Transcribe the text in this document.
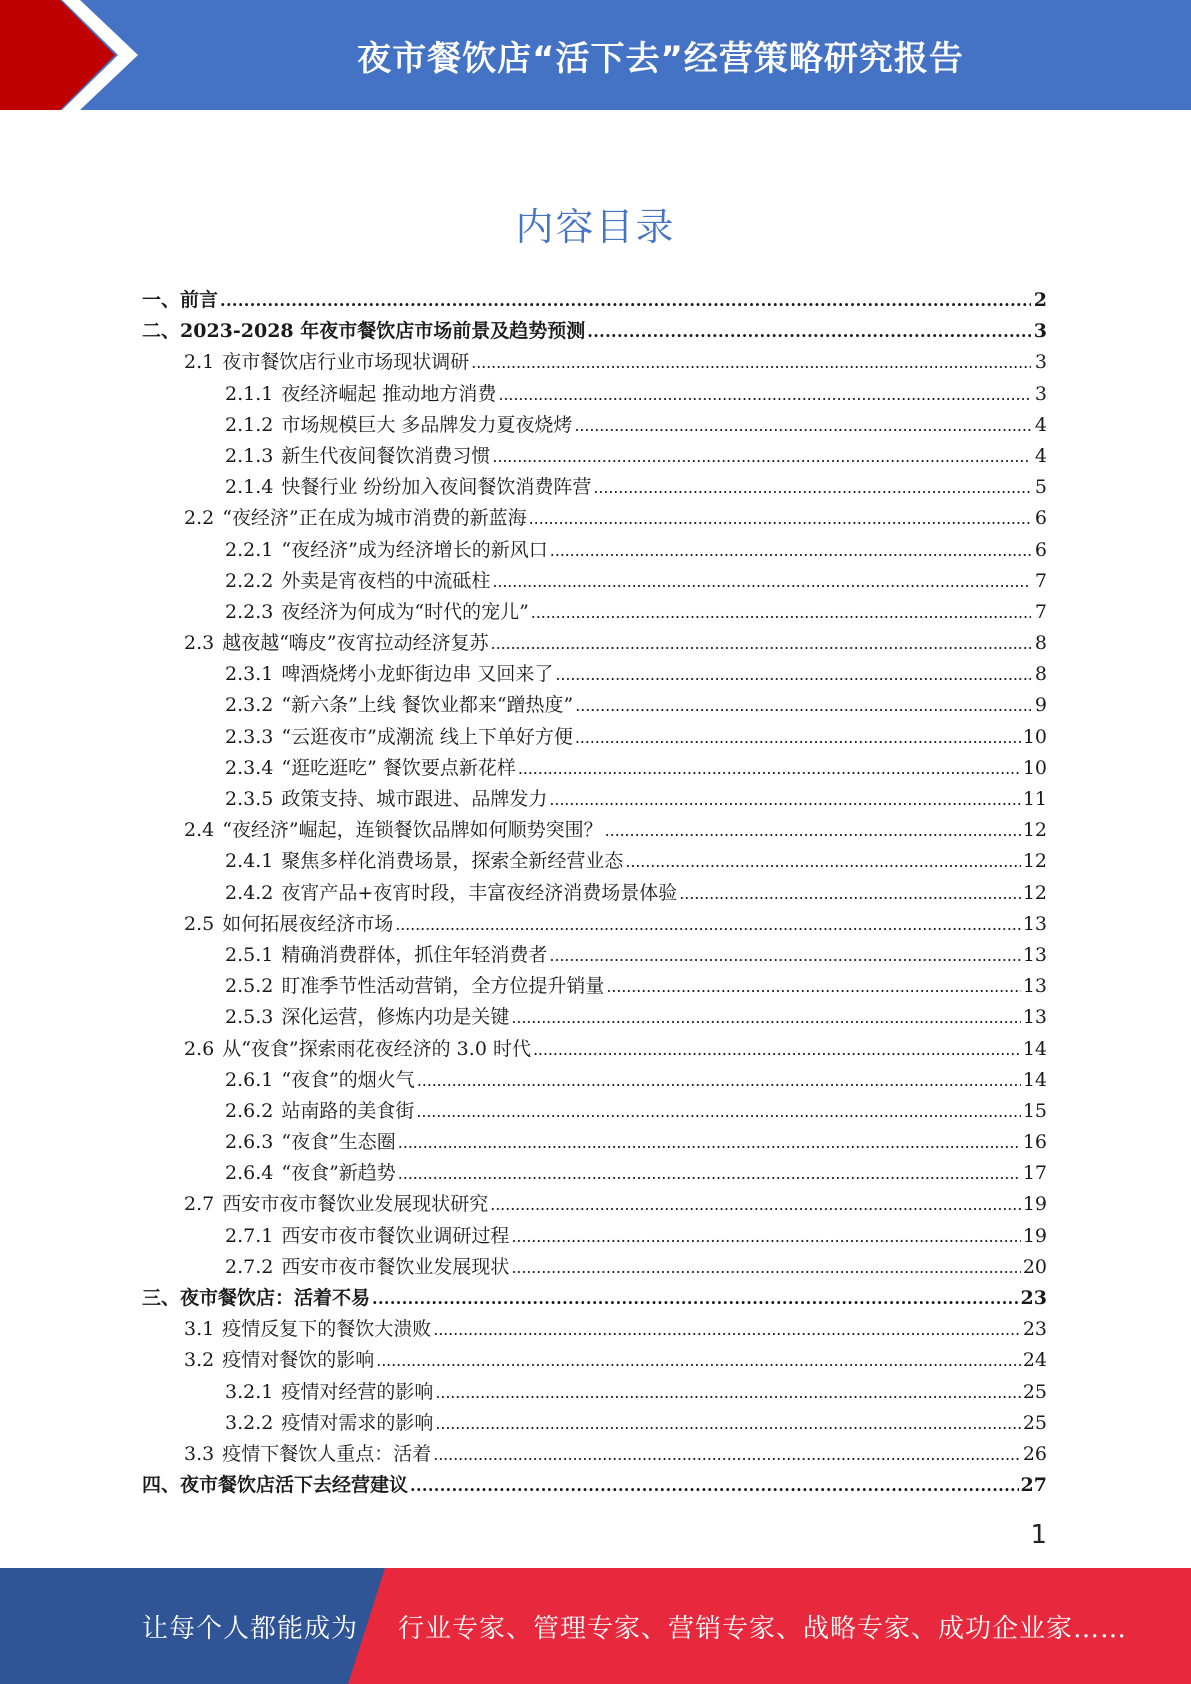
夜市餐饮店“活下去”经营策略研究报告
内容目录
一、前言 . . .	2
二、2023-2028 年夜市餐饮店市场前景及趋势预测 . . .	3
2.1 夜市餐饮店行业市场现状调研 . . .	3
2.1.1 夜经济崛起 推动地方消费 . . .	3
2.1.2 市场规模巨大 多品牌发力夏夜烧烤 . . .	4
2.1.3 新生代夜间餐饮消费习惯 . . .	4
2.1.4 快餐行业 纷纷加入夜间餐饮消费阵营 . . .	5
2.2 “夜经济”正在成为城市消费的新蓝海 . . .	6
2.2.1 “夜经济”成为经济增长的新风口 . . .	6
2.2.2 外卖是宵夜档的中流砥柱 . . .	7
2.2.3 夜经济为何成为“时代的宠儿” . . .	7
2.3 越夜越“嗨皮”夜宵拉动经济复苏 . . .	8
2.3.1 啤酒烧烤小龙虾街边串 又回来了 . . .	8
2.3.2 “新六条”上线 餐饮业都来“蹭热度” . . .	9
2.3.3 “云逛夜市”成潮流 线上下单好方便 . . .	10
2.3.4 “逛吃逛吃” 餐饮要点新花样 . . .	10
2.3.5 政策支持、城市跟进、品牌发力 . . .	11
2.4 “夜经济”崛起，连锁餐饮品牌如何顺势突围？ . . .	12
2.4.1 聚焦多样化消费场景，探索全新经营业态 . . .	12
2.4.2 夜宵产品+夜宵时段，丰富夜经济消费场景体验 . . .	12
2.5 如何拓展夜经济市场 . . .	13
2.5.1 精确消费群体，抓住年轻消费者 . . .	13
2.5.2 盯准季节性活动营销，全方位提升销量 . . .	13
2.5.3 深化运营，修炼内功是关键 . . .	13
2.6 从“夜食”探索雨花夜经济的 3.0 时代 . . .	14
2.6.1 “夜食”的烟火气 . . .	14
2.6.2 站南路的美食街 . . .	15
2.6.3 “夜食”生态圈 . . .	16
2.6.4 “夜食”新趋势 . . .	17
2.7 西安市夜市餐饮业发展现状研究 . . .	19
2.7.1 西安市夜市餐饮业调研过程 . . .	19
2.7.2 西安市夜市餐饮业发展现状 . . .	20
三、夜市餐饮店：活着不易 . . .	23
3.1 疫情反复下的餐饮大溃败 . . .	23
3.2 疫情对餐饮的影响 . . .	24
3.2.1 疫情对经营的影响 . . .	25
3.2.2 疫情对需求的影响 . . .	25
3.3 疫情下餐饮人重点：活着 . . .	26
四、夜市餐饮店活下去经营建议 . . .	27
1
让每个人都能成为 行业专家、管理专家、营销专家、战略专家、成功企业家……
